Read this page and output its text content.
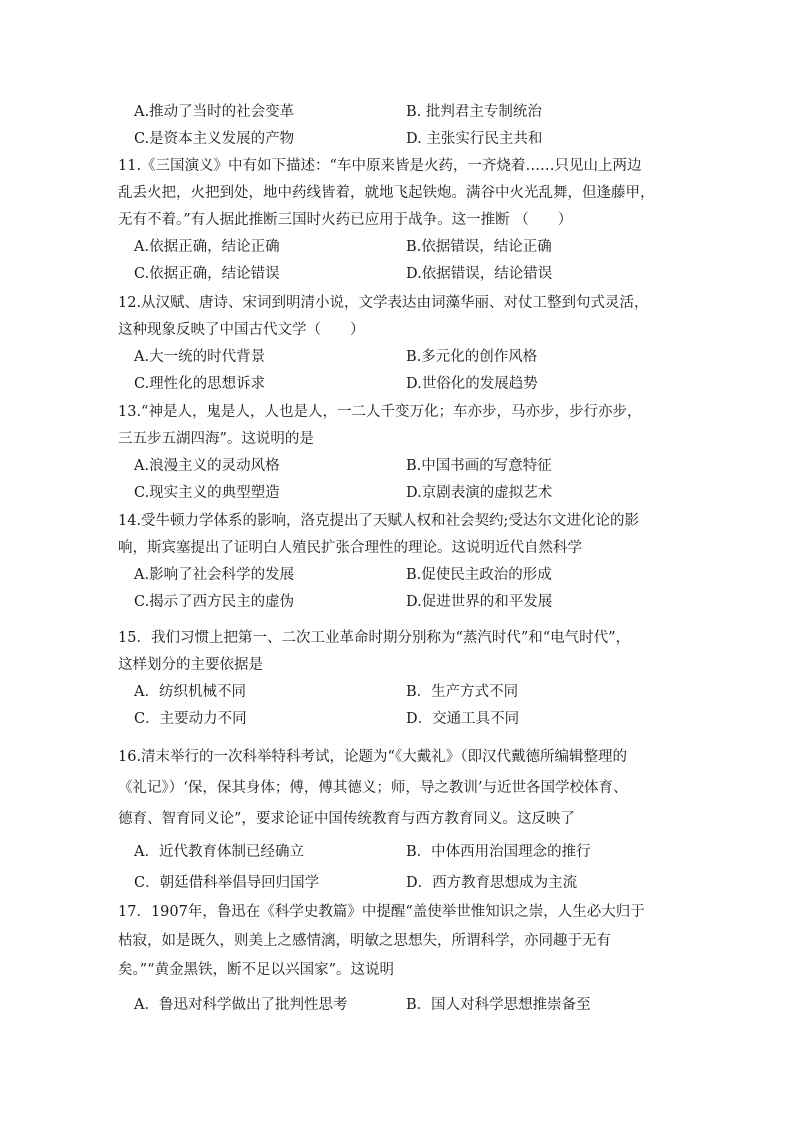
A.推动了当时的社会变革	B. 批判君主专制统治
C.是资本主义发展的产物	D. 主张实行民主共和

11.《三国演义》中有如下描述：“车中原来皆是火药，一齐烧着……只见山上两边

乱丢火把，火把到处，地中药线皆着，就地飞起铁炮。满谷中火光乱舞，但逢藤甲，

无有不着。”有人据此推断三国时火药已应用于战争。这一推断 （　　）

A.依据正确，结论正确	B.依据错误，结论正确
C.依据正确，结论错误	D.依据错误，结论错误

12.从汉赋、唐诗、宋词到明清小说，文学表达由词藻华丽、对仗工整到句式灵活，

这种现象反映了中国古代文学（　　）

A.大一统的时代背景	B.多元化的创作风格
C.理性化的思想诉求	D.世俗化的发展趋势

13.“神是人，鬼是人，人也是人，一二人千变万化；车亦步，马亦步，步行亦步，

三五步五湖四海”。这说明的是

A.浪漫主义的灵动风格	B.中国书画的写意特征
C.现实主义的典型塑造	D.京剧表演的虚拟艺术

14.受牛顿力学体系的影响，洛克提出了天赋人权和社会契约;受达尔文进化论的影

响，斯宾塞提出了证明白人殖民扩张合理性的理论。这说明近代自然科学

A.影响了社会科学的发展	B.促使民主政治的形成
C.揭示了西方民主的虚伪	D.促进世界的和平发展

15．我们习惯上把第一、二次工业革命时期分别称为“蒸汽时代”和“电气时代”，

这样划分的主要依据是

A．纺织机械不同	B．生产方式不同
C．主要动力不同	D．交通工具不同

16.清末举行的一次科举特科考试，论题为“《大戴礼》（即汉代戴德所编辑整理的

《礼记》）‘保，保其身体；傅，傅其德义；师，导之教训’与近世各国学校体育、

德育、智育同义论”，要求论证中国传统教育与西方教育同义。这反映了

A．近代教育体制已经确立	B．中体西用治国理念的推行
C．朝廷借科举倡导回归国学	D．西方教育思想成为主流

17．1907年，鲁迅在《科学史教篇》中提醒“盖使举世惟知识之崇，人生必大归于

枯寂，如是既久，则美上之感情漓，明敏之思想失，所谓科学，亦同趣于无有

矣。”“黄金黑铁，断不足以兴国家”。这说明

A．鲁迅对科学做出了批判性思考	B．国人对科学思想推崇备至
